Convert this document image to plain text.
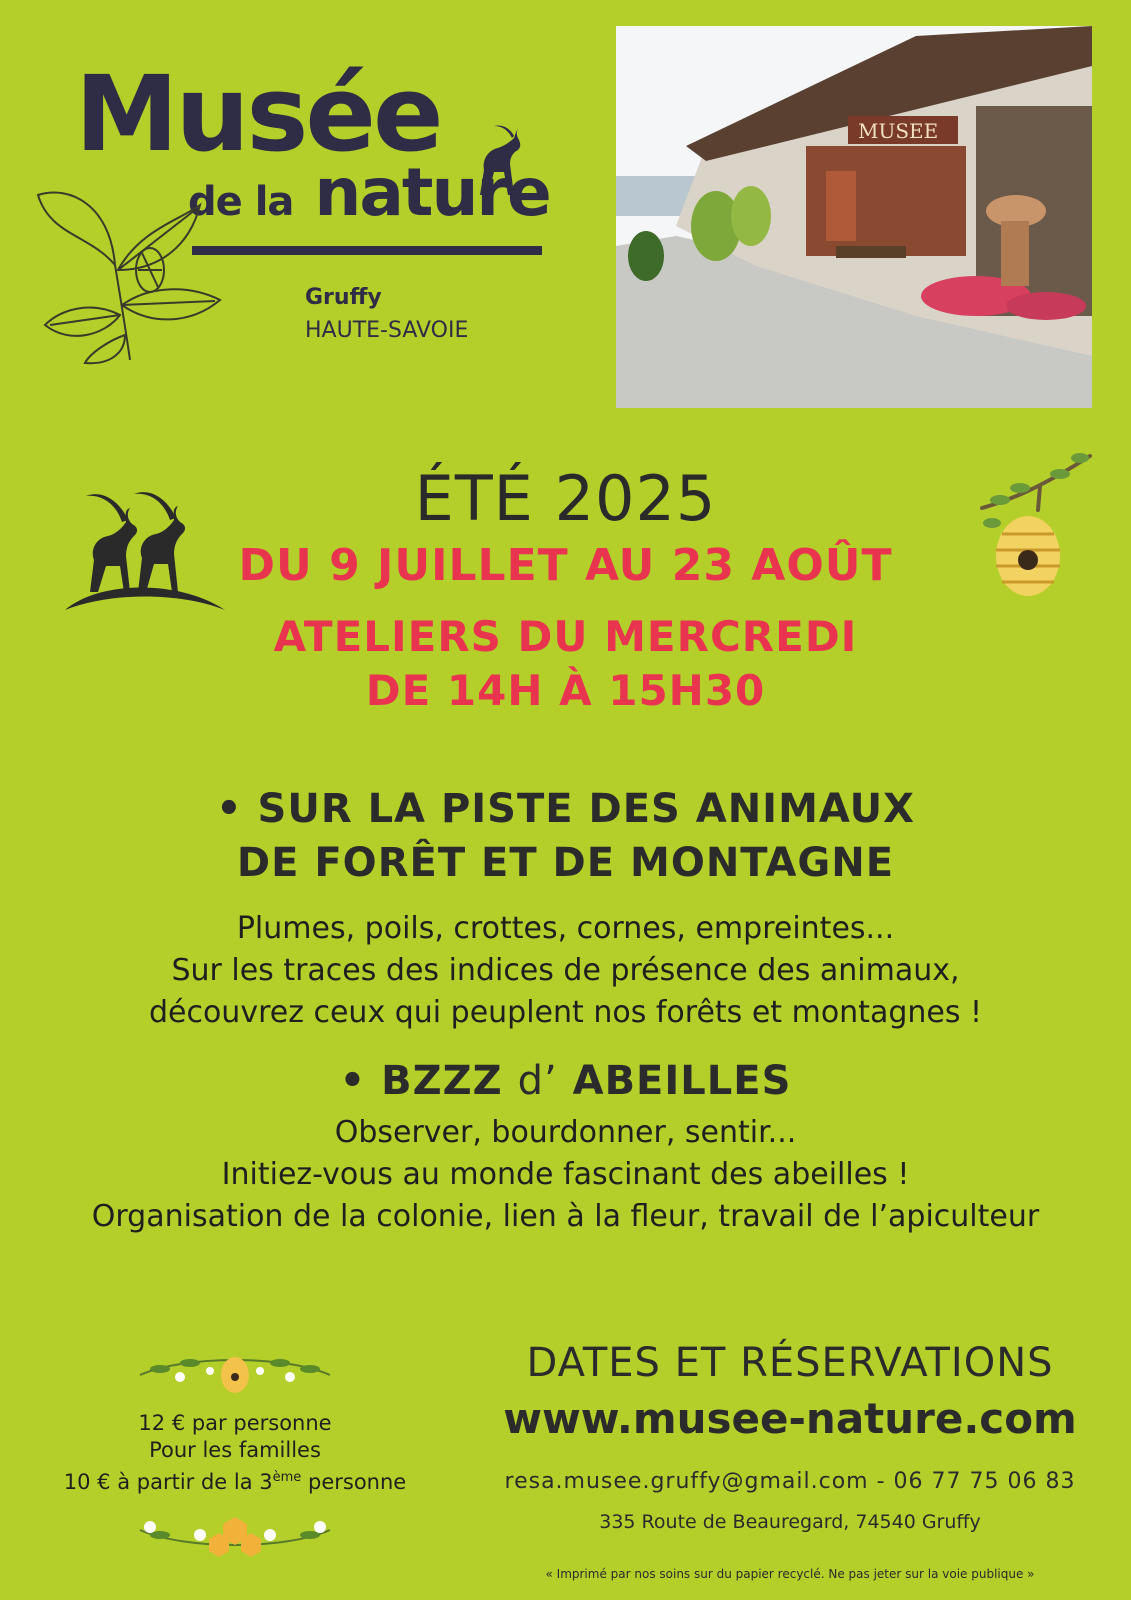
Musée
de la nature
Gruffy
HAUTE-SAVOIE
MUSEE
ÉTÉ 2025
DU 9 JUILLET AU 23 AOÛT
ATELIERS DU MERCREDI
DE 14H À 15H30
• SUR LA PISTE DES ANIMAUX
DE FORÊT ET DE MONTAGNE
Plumes, poils, crottes, cornes, empreintes...
Sur les traces des indices de présence des animaux,
découvrez ceux qui peuplent nos forêts et montagnes !
• BZZZ d’ ABEILLES
Observer, bourdonner, sentir...
Initiez-vous au monde fascinant des abeilles !
Organisation de la colonie, lien à la fleur, travail de l’apiculteur
12 € par personne
Pour les familles
10 € à partir de la 3ème personne
DATES ET RÉSERVATIONS
www.musee-nature.com
resa.musee.gruffy@gmail.com - 06 77 75 06 83
335 Route de Beauregard, 74540 Gruffy
« Imprimé par nos soins sur du papier recyclé. Ne pas jeter sur la voie publique »
